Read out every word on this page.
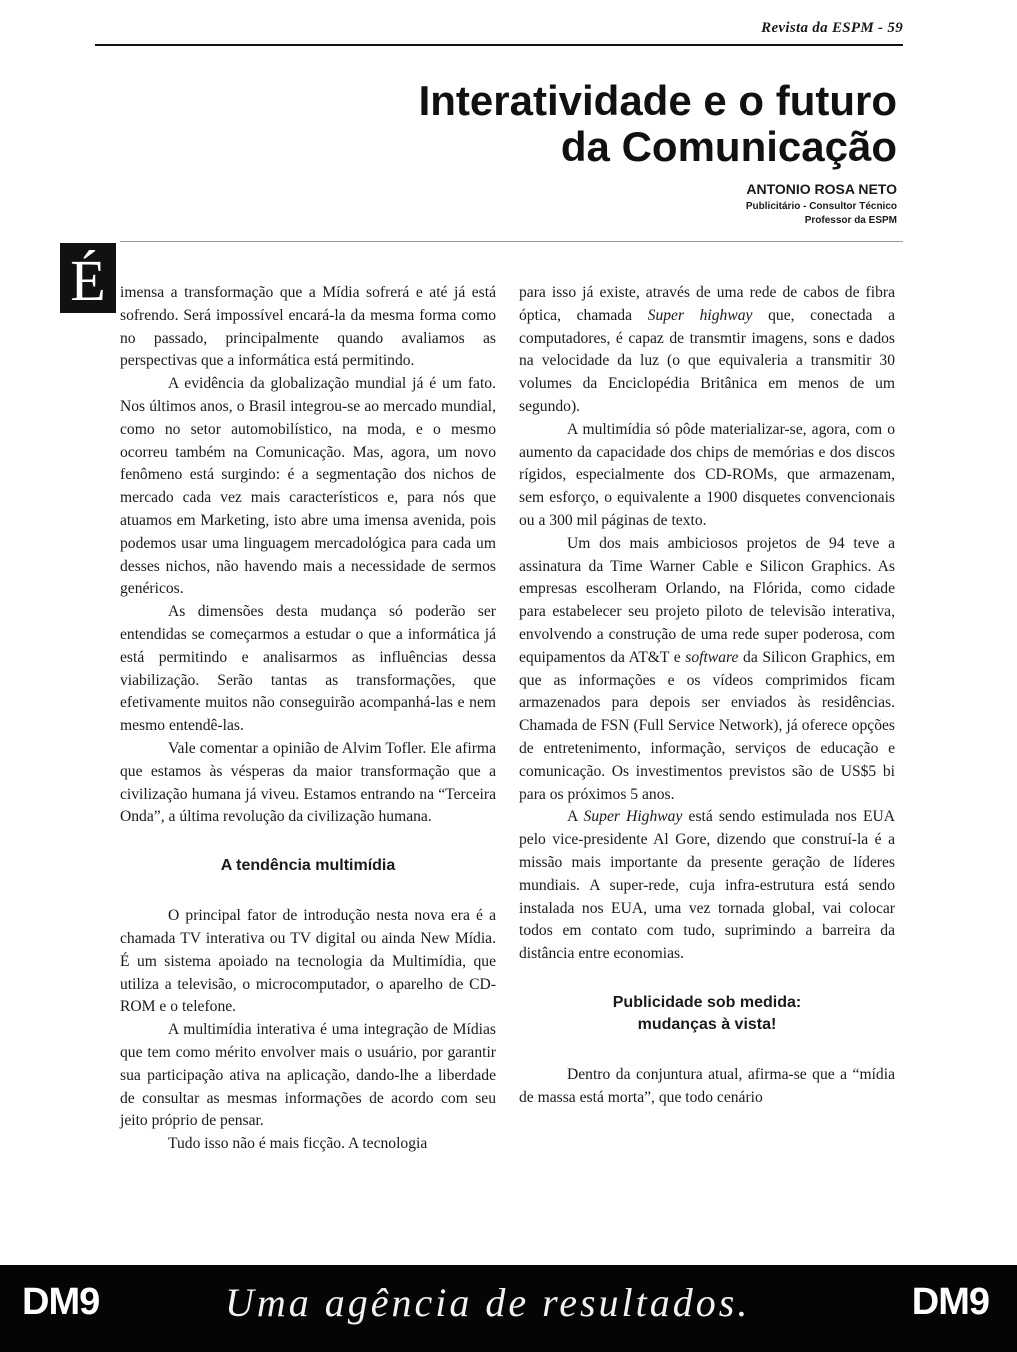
Revista da ESPM - 59
Interatividade e o futuro
da Comunicação
ANTONIO ROSA NETO
Publicitário - Consultor Técnico
Professor da ESPM
É imensa a transformação que a Mídia sofrerá e até já está sofrendo. Será impossível encará-la da mesma forma como no passado, principalmente quando avaliamos as perspectivas que a informática está permitindo.

A evidência da globalização mundial já é um fato. Nos últimos anos, o Brasil integrou-se ao mercado mundial, como no setor automobilístico, na moda, e o mesmo ocorreu também na Comunicação. Mas, agora, um novo fenômeno está surgindo: é a segmentação dos nichos de mercado cada vez mais característicos e, para nós que atuamos em Marketing, isto abre uma imensa avenida, pois podemos usar uma linguagem mercadológica para cada um desses nichos, não havendo mais a necessidade de sermos genéricos.

As dimensões desta mudança só poderão ser entendidas se começarmos a estudar o que a informática já está permitindo e analisarmos as influências dessa viabilização. Serão tantas as transformações, que efetivamente muitos não conseguirão acompanhá-las e nem mesmo entendê-las.

Vale comentar a opinião de Alvim Tofler. Ele afirma que estamos às vésperas da maior transformação que a civilização humana já viveu. Estamos entrando na “Terceira Onda”, a última revolução da civilização humana.

A tendência multimídia

O principal fator de introdução nesta nova era é a chamada TV interativa ou TV digital ou ainda New Mídia. É um sistema apoiado na tecnologia da Multimídia, que utiliza a televisão, o microcomputador, o aparelho de CD-ROM e o telefone.

A multimídia interativa é uma integração de Mídias que tem como mérito envolver mais o usuário, por garantir sua participação ativa na aplicação, dando-lhe a liberdade de consultar as mesmas informações de acordo com seu jeito próprio de pensar.

Tudo isso não é mais ficção. A tecnologia

para isso já existe, através de uma rede de cabos de fibra óptica, chamada Super highway que, conectada a computadores, é capaz de transmtir imagens, sons e dados na velocidade da luz (o que equivaleria a transmitir 30 volumes da Enciclopédia Britânica em menos de um segundo).

A multimídia só pôde materializar-se, agora, com o aumento da capacidade dos chips de memórias e dos discos rígidos, especialmente dos CD-ROMs, que armazenam, sem esforço, o equivalente a 1900 disquetes convencionais ou a 300 mil páginas de texto.

Um dos mais ambiciosos projetos de 94 teve a assinatura da Time Warner Cable e Silicon Graphics. As empresas escolheram Orlando, na Flórida, como cidade para estabelecer seu projeto piloto de televisão interativa, envolvendo a construção de uma rede super poderosa, com equipamentos da AT&T e software da Silicon Graphics, em que as informações e os vídeos comprimidos ficam armazenados para depois ser enviados às residências. Chamada de FSN (Full Service Network), já oferece opções de entretenimento, informação, serviços de educação e comunicação. Os investimentos previstos são de US$5 bi para os próximos 5 anos.

A Super Highway está sendo estimulada nos EUA pelo vice-presidente Al Gore, dizendo que construí-la é a missão mais importante da presente geração de líderes mundiais. A super-rede, cuja infra-estrutura está sendo instalada nos EUA, uma vez tornada global, vai colocar todos em contato com tudo, suprimindo a barreira da distância entre economias.

Publicidade sob medida:
mudanças à vista!

Dentro da conjuntura atual, afirma-se que a “mídia de massa está morta”, que todo cenário

DM9	Uma agência de resultados.	DM9
